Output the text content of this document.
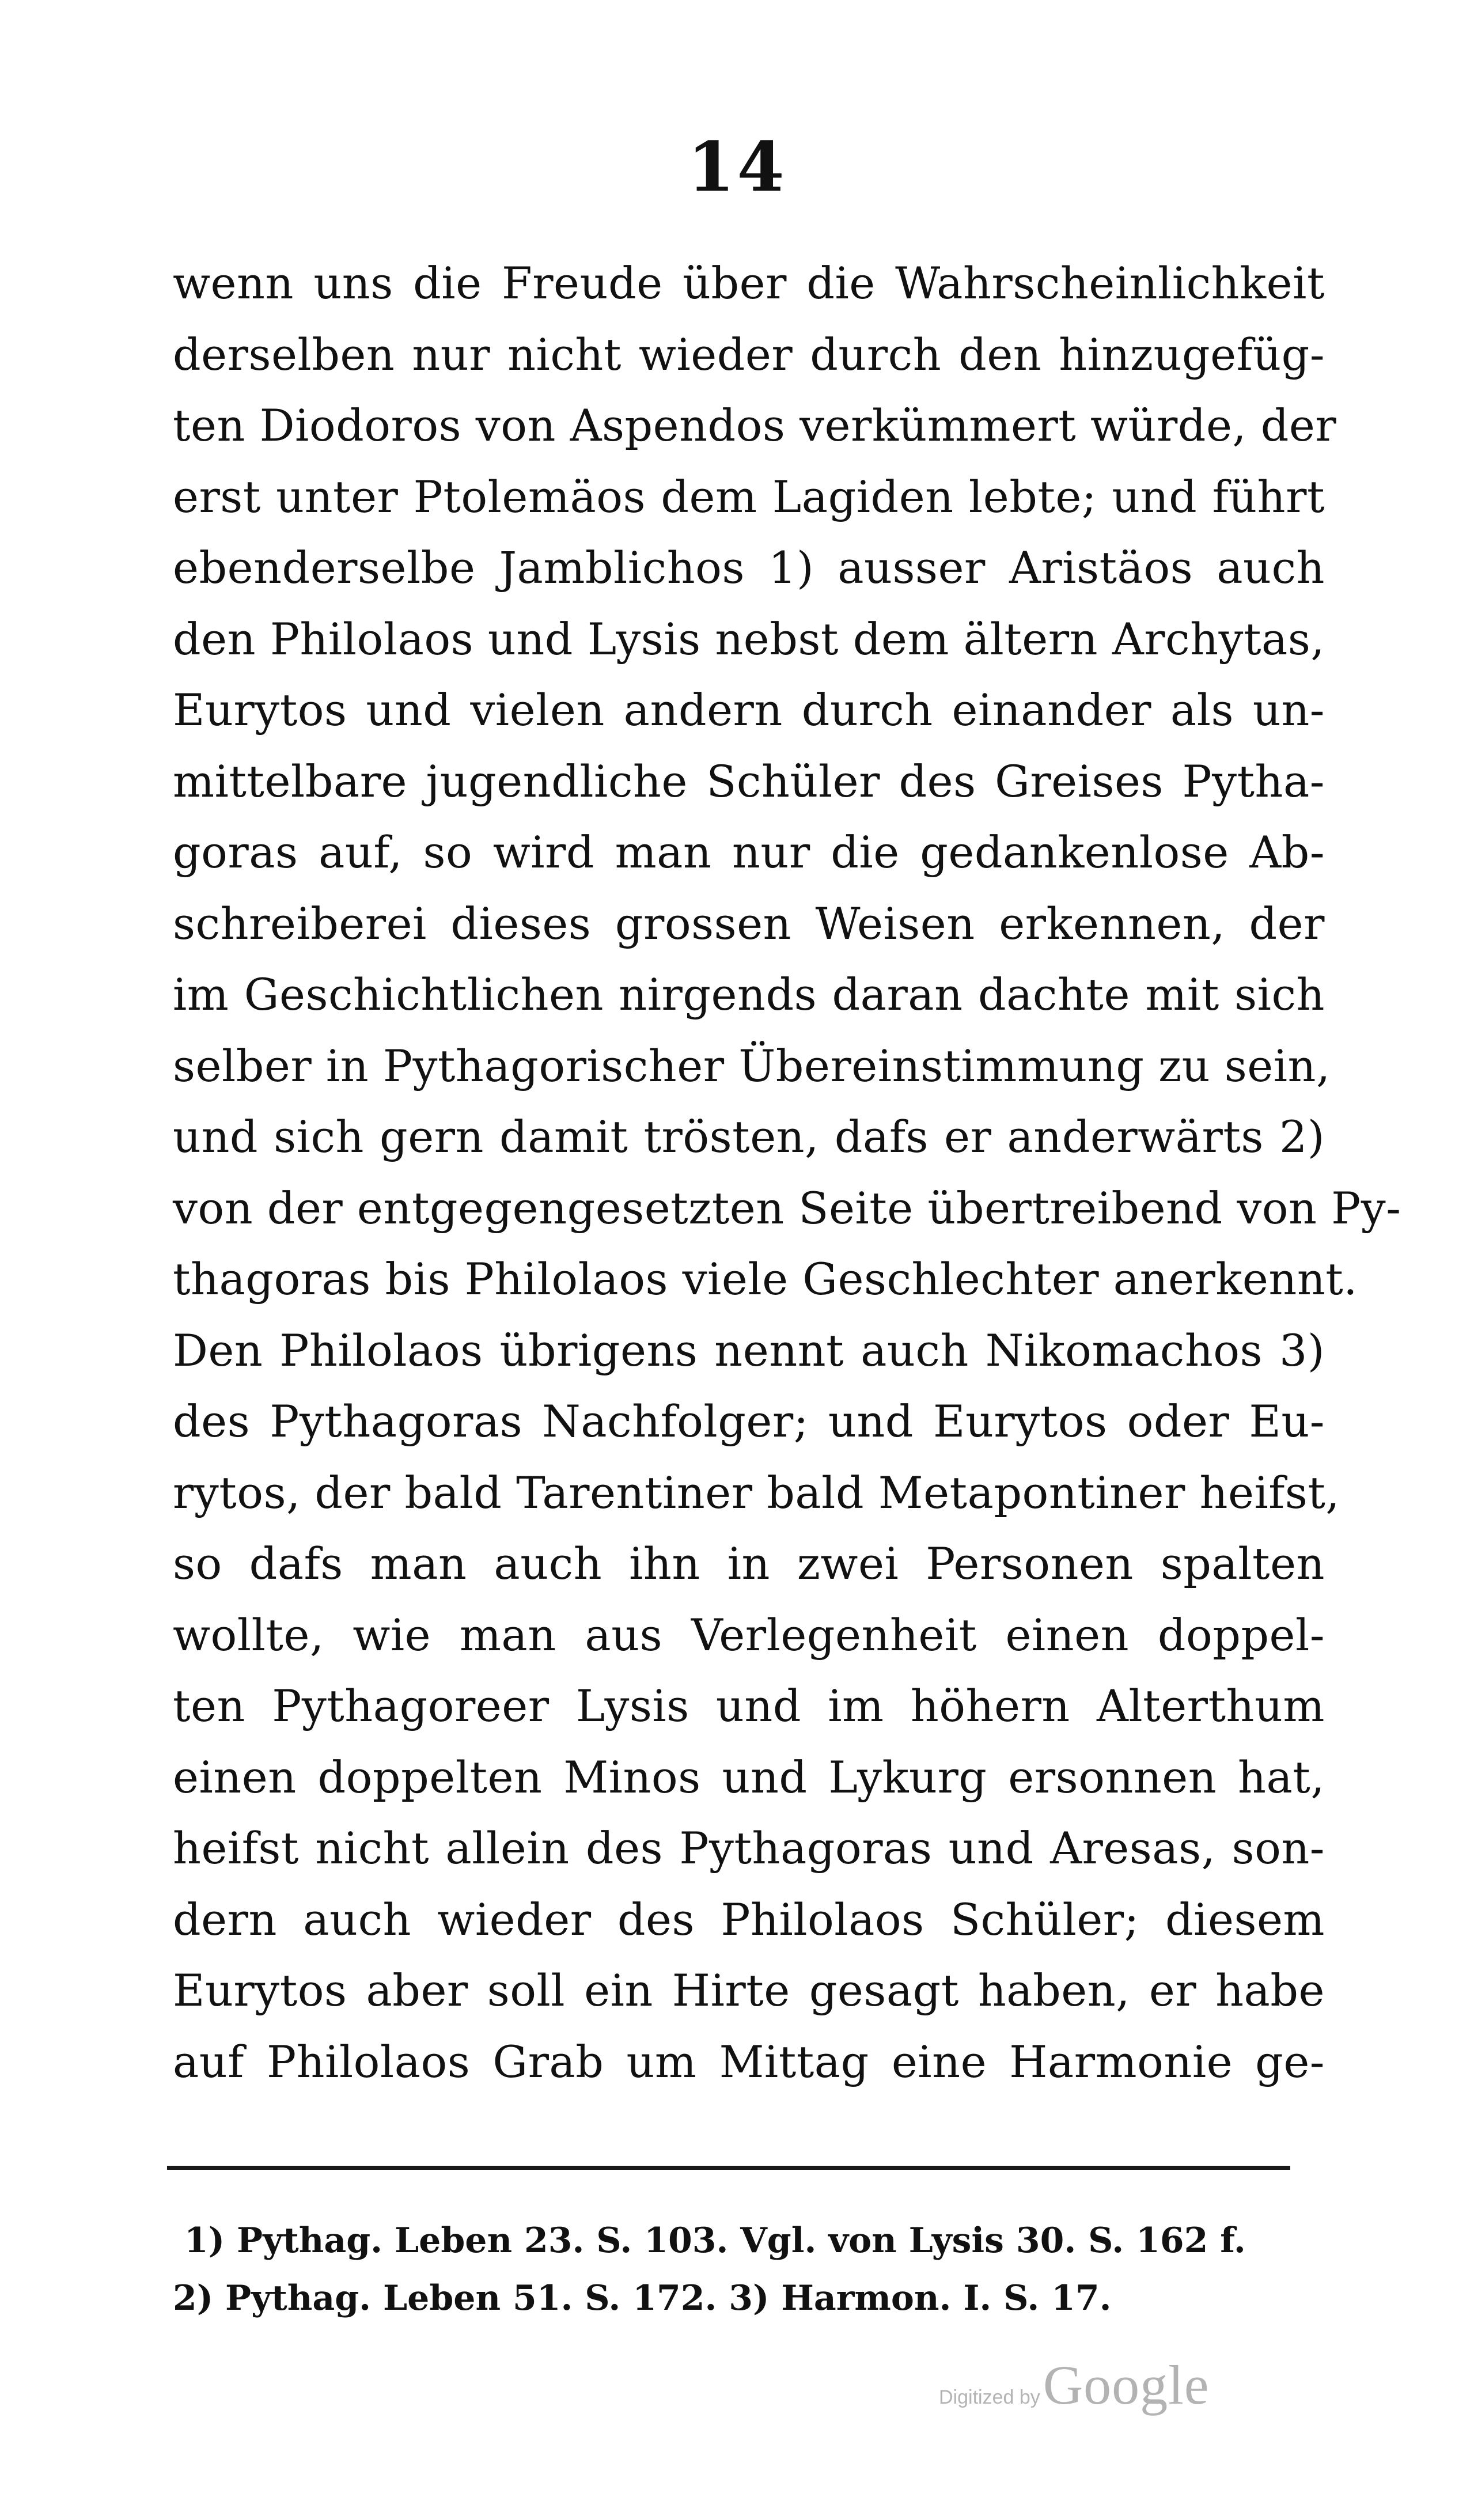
14
wenn uns die Freude über die Wahrscheinlichkeit
derselben nur nicht wieder durch den hinzugefüg-
ten Diodoros von Aspendos verkümmert würde, der
erst unter Ptolemäos dem Lagiden lebte; und führt
ebenderselbe Jamblichos 1) ausser Aristäos auch
den Philolaos und Lysis nebst dem ältern Archytas,
Eurytos und vielen andern durch einander als un-
mittelbare jugendliche Schüler des Greises Pytha-
goras auf, so wird man nur die gedankenlose Ab-
schreiberei dieses grossen Weisen erkennen, der
im Geschichtlichen nirgends daran dachte mit sich
selber in Pythagorischer Übereinstimmung zu sein,
und sich gern damit trösten, dafs er anderwärts 2)
von der entgegengesetzten Seite übertreibend von Py-
thagoras bis Philolaos viele Geschlechter anerkennt.
Den Philolaos übrigens nennt auch Nikomachos 3)
des Pythagoras Nachfolger; und Eurytos oder Eu-
rytos, der bald Tarentiner bald Metapontiner heifst,
so dafs man auch ihn in zwei Personen spalten
wollte, wie man aus Verlegenheit einen doppel-
ten Pythagoreer Lysis und im höhern Alterthum
einen doppelten Minos und Lykurg ersonnen hat,
heifst nicht allein des Pythagoras und Aresas, son-
dern auch wieder des Philolaos Schüler; diesem
Eurytos aber soll ein Hirte gesagt haben, er habe
auf Philolaos Grab um Mittag eine Harmonie ge-
1) Pythag. Leben 23. S. 103. Vgl. von Lysis 30. S. 162 f.
2) Pythag. Leben 51. S. 172. 3) Harmon. I. S. 17.
Digitized by Google
